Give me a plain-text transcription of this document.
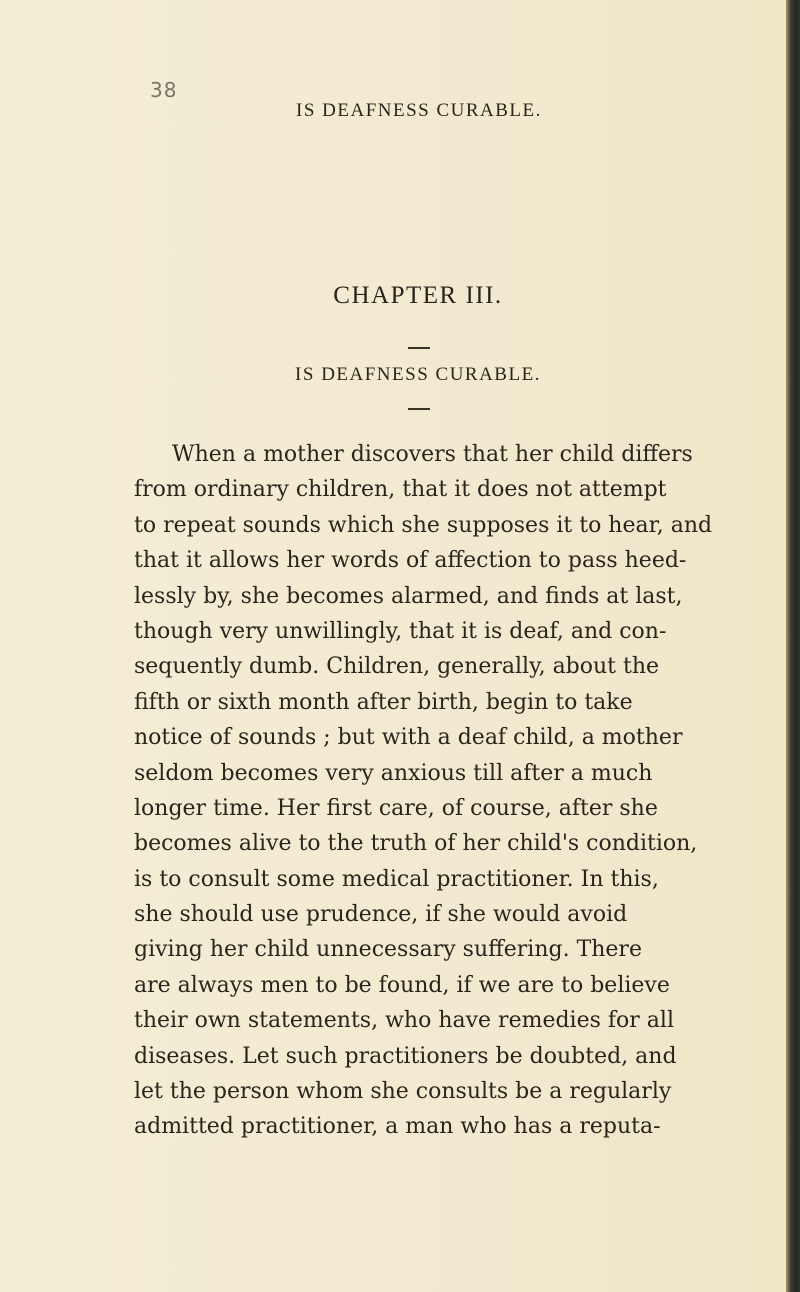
38
IS DEAFNESS CURABLE.
CHAPTER III.
IS DEAFNESS CURABLE.
When a mother discovers that her child differs
from ordinary children, that it does not attempt
to repeat sounds which she supposes it to hear, and
that it allows her words of affection to pass heed-
lessly by, she becomes alarmed, and finds at last,
though very unwillingly, that it is deaf, and con-
sequently dumb. Children, generally, about the
fifth or sixth month after birth, begin to take
notice of sounds ; but with a deaf child, a mother
seldom becomes very anxious till after a much
longer time. Her first care, of course, after she
becomes alive to the truth of her child's condition,
is to consult some medical practitioner. In this,
she should use prudence, if she would avoid
giving her child unnecessary suffering. There
are always men to be found, if we are to believe
their own statements, who have remedies for all
diseases. Let such practitioners be doubted, and
let the person whom she consults be a regularly
admitted practitioner, a man who has a reputa-
